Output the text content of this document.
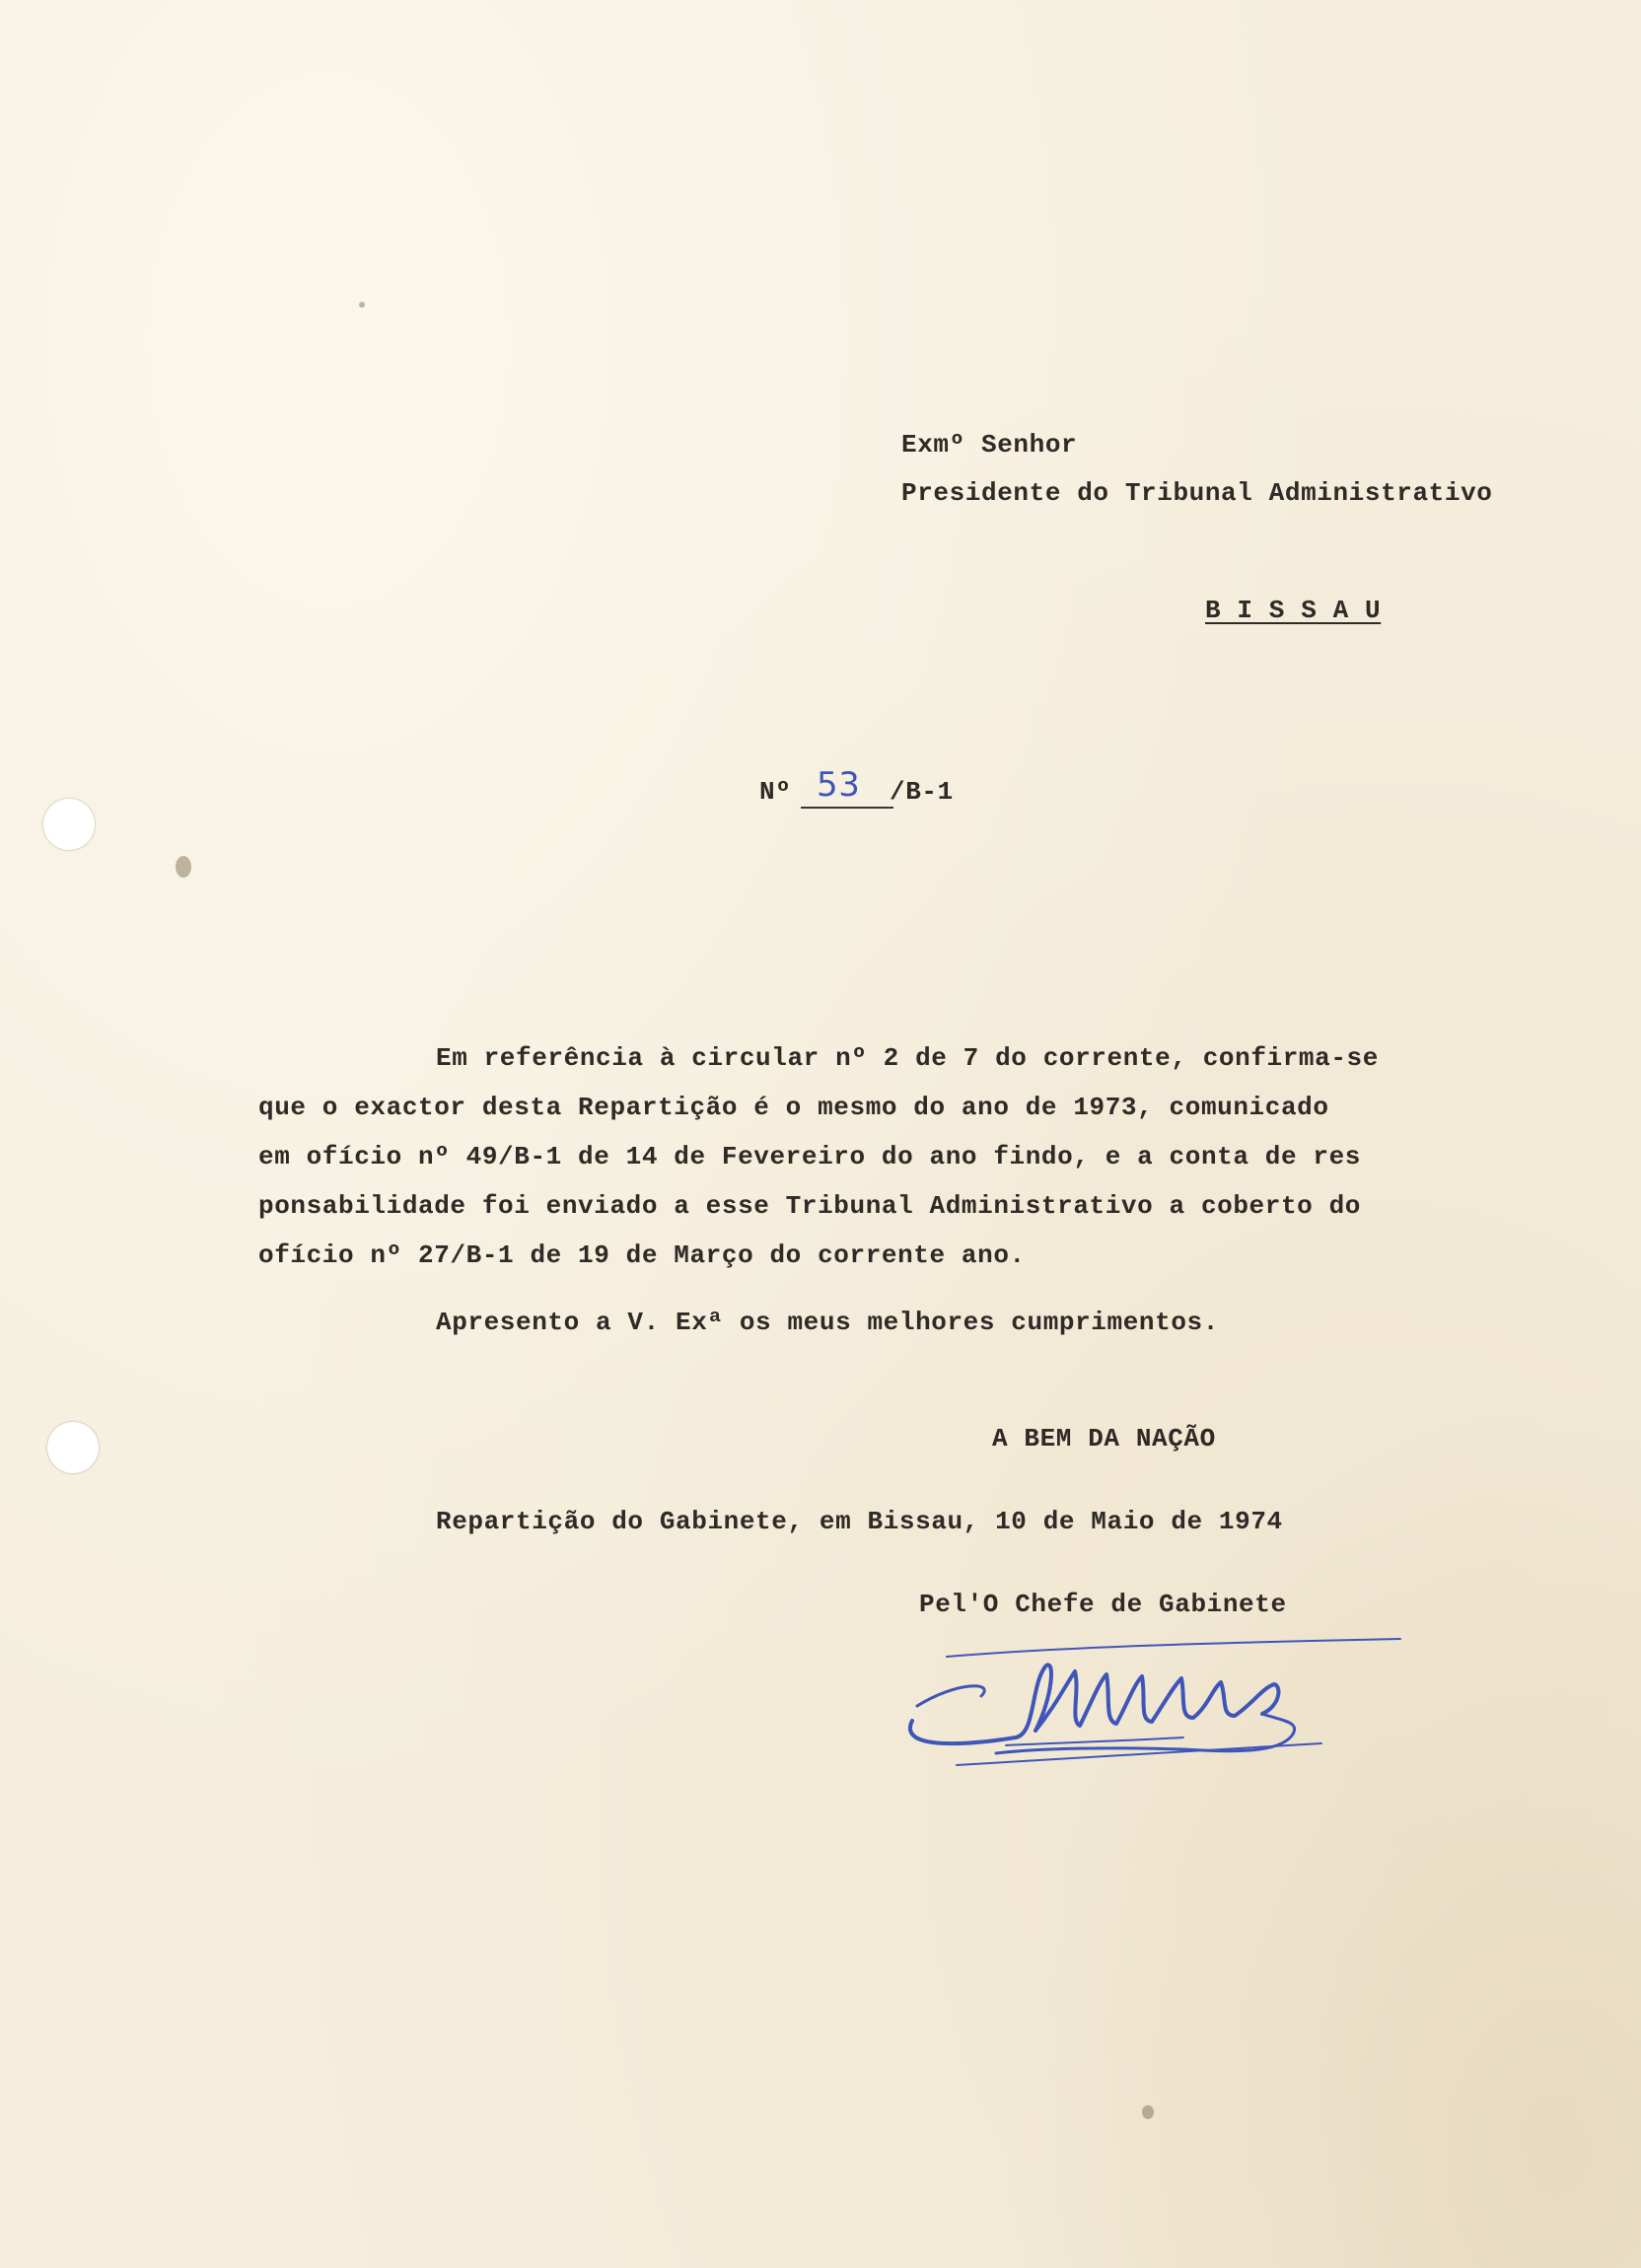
Exmº Senhor
Presidente do Tribunal Administrativo
B I S S A U
Nº 53 /B-1
Em referência à circular nº 2 de 7 do corrente, confirma-se
que o exactor desta Repartição é o mesmo do ano de 1973, comunicado
em ofício nº 49/B-1 de 14 de Fevereiro do ano findo, e a conta de res
ponsabilidade foi enviado a esse Tribunal Administrativo a coberto do
ofício nº 27/B-1 de 19 de Março do corrente ano.
Apresento a V. Exª os meus melhores cumprimentos.
A BEM DA NAÇÃO
Repartição do Gabinete, em Bissau, 10 de Maio de 1974
Pel'O Chefe de Gabinete
